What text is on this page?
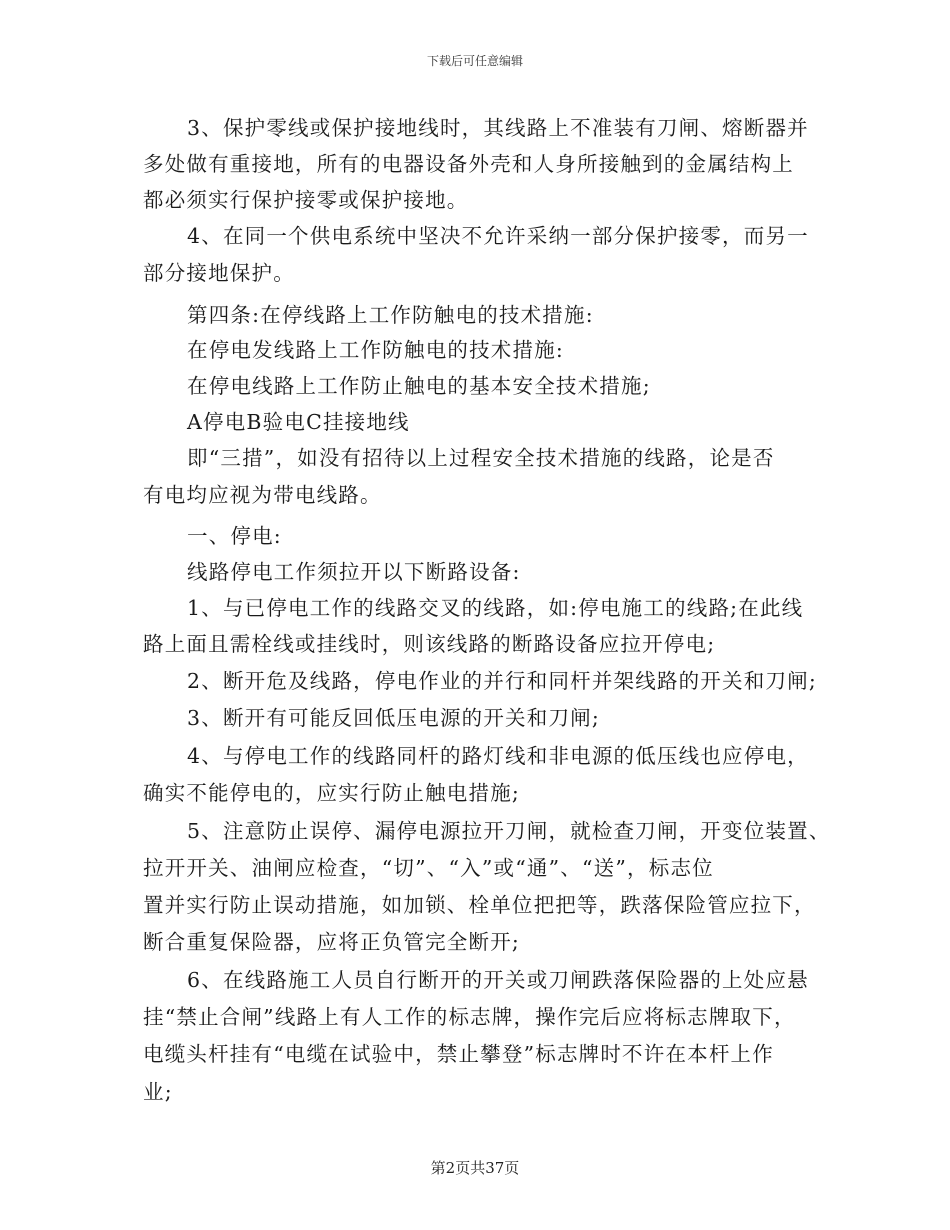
下载后可任意编辑
3、保护零线或保护接地线时，其线路上不准装有刀闸、熔断器并
多处做有重接地，所有的电器设备外壳和人身所接触到的金属结构上
都必须实行保护接零或保护接地。
4、在同一个供电系统中坚决不允许采纳一部分保护接零，而另一
部分接地保护。
第四条:在停线路上工作防触电的技术措施:
在停电发线路上工作防触电的技术措施:
在停电线路上工作防止触电的基本安全技术措施;
A停电B验电C挂接地线
即“三措”，如没有招待以上过程安全技术措施的线路，论是否
有电均应视为带电线路。
一、停电:
线路停电工作须拉开以下断路设备:
1、与已停电工作的线路交叉的线路，如:停电施工的线路;在此线
路上面且需栓线或挂线时，则该线路的断路设备应拉开停电;
2、断开危及线路，停电作业的并行和同杆并架线路的开关和刀闸;
3、断开有可能反回低压电源的开关和刀闸;
4、与停电工作的线路同杆的路灯线和非电源的低压线也应停电，
确实不能停电的，应实行防止触电措施;
5、注意防止误停、漏停电源拉开刀闸，就检查刀闸，开变位装置、
拉开开关、油闸应检查，“切”、“入”或“通”、“送”，标志位
置并实行防止误动措施，如加锁、栓单位把把等，跌落保险管应拉下，
断合重复保险器，应将正负管完全断开;
6、在线路施工人员自行断开的开关或刀闸跌落保险器的上处应悬
挂“禁止合闸”线路上有人工作的标志牌，操作完后应将标志牌取下，
电缆头杆挂有“电缆在试验中，禁止攀登”标志牌时不许在本杆上作
业;
第2页共37页
